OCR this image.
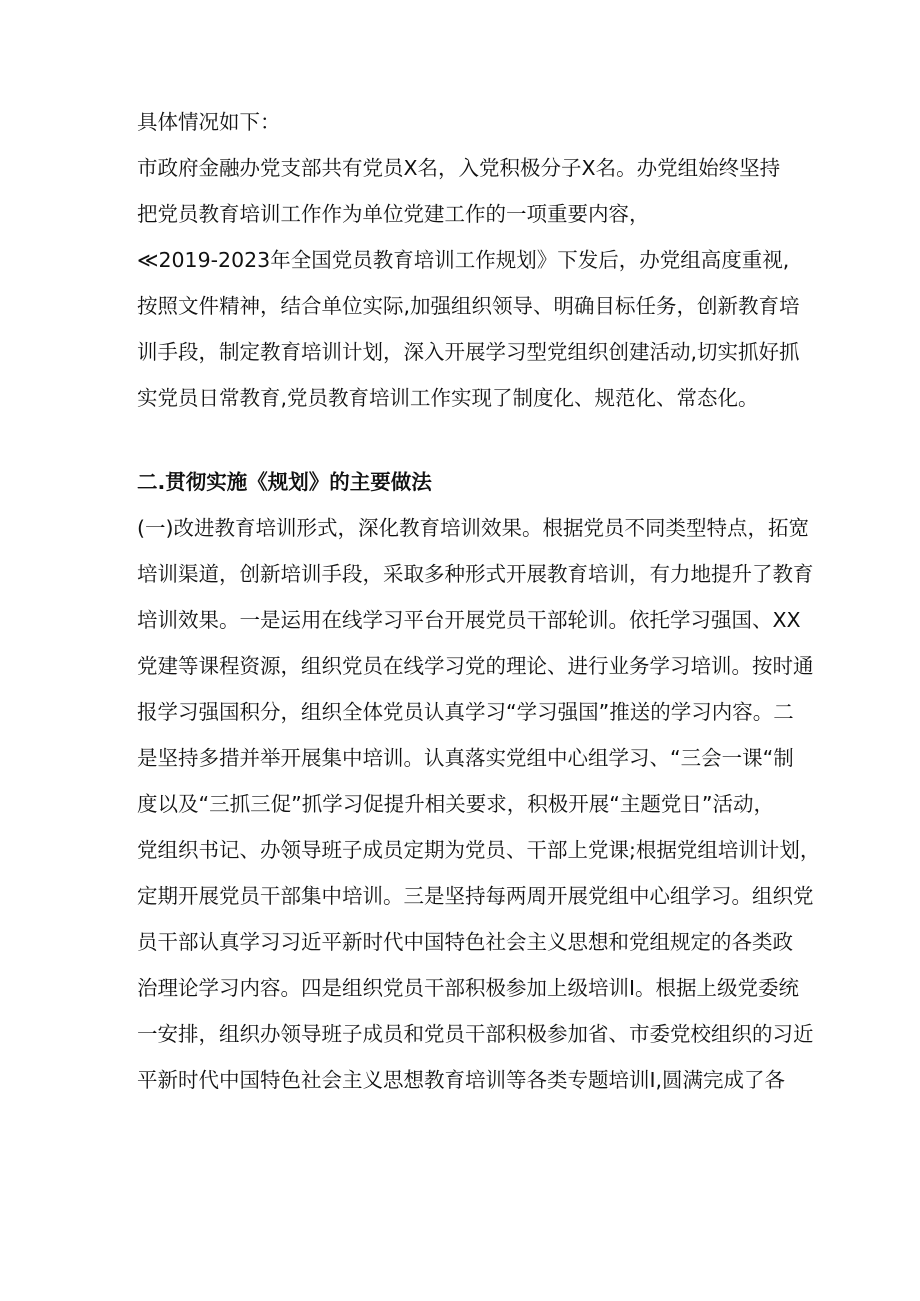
具体情况如下：

市政府金融办党支部共有党员X名，入党积极分子X名。办党组始终坚持

把党员教育培训工作作为单位党建工作的一项重要内容，

≪2019-2023年全国党员教育培训工作规划》下发后，办党组高度重视,

按照文件精神，结合单位实际,加强组织领导、明确目标任务，创新教育培

训手段，制定教育培训计划，深入开展学习型党组织创建活动,切实抓好抓

实党员日常教育,党员教育培训工作实现了制度化、规范化、常态化。

二.贯彻实施《规划》的主要做法

(一)改进教育培训形式，深化教育培训效果。根据党员不同类型特点，拓宽

培训渠道，创新培训手段，采取多种形式开展教育培训，有力地提升了教育

培训效果。一是运用在线学习平台开展党员干部轮训。依托学习强国、XX

党建等课程资源，组织党员在线学习党的理论、进行业务学习培训。按时通

报学习强国积分，组织全体党员认真学习“学习强国”推送的学习内容。二

是坚持多措并举开展集中培训。认真落实党组中心组学习、“三会一课“制

度以及“三抓三促”抓学习促提升相关要求，积极开展“主题党日”活动，

党组织书记、办领导班子成员定期为党员、干部上党课;根据党组培训计划，

定期开展党员干部集中培训。三是坚持每两周开展党组中心组学习。组织党

员干部认真学习习近平新时代中国特色社会主义思想和党组规定的各类政

治理论学习内容。四是组织党员干部积极参加上级培训I。根据上级党委统

一安排，组织办领导班子成员和党员干部积极参加省、市委党校组织的习近

平新时代中国特色社会主义思想教育培训等各类专题培训I,圆满完成了各
